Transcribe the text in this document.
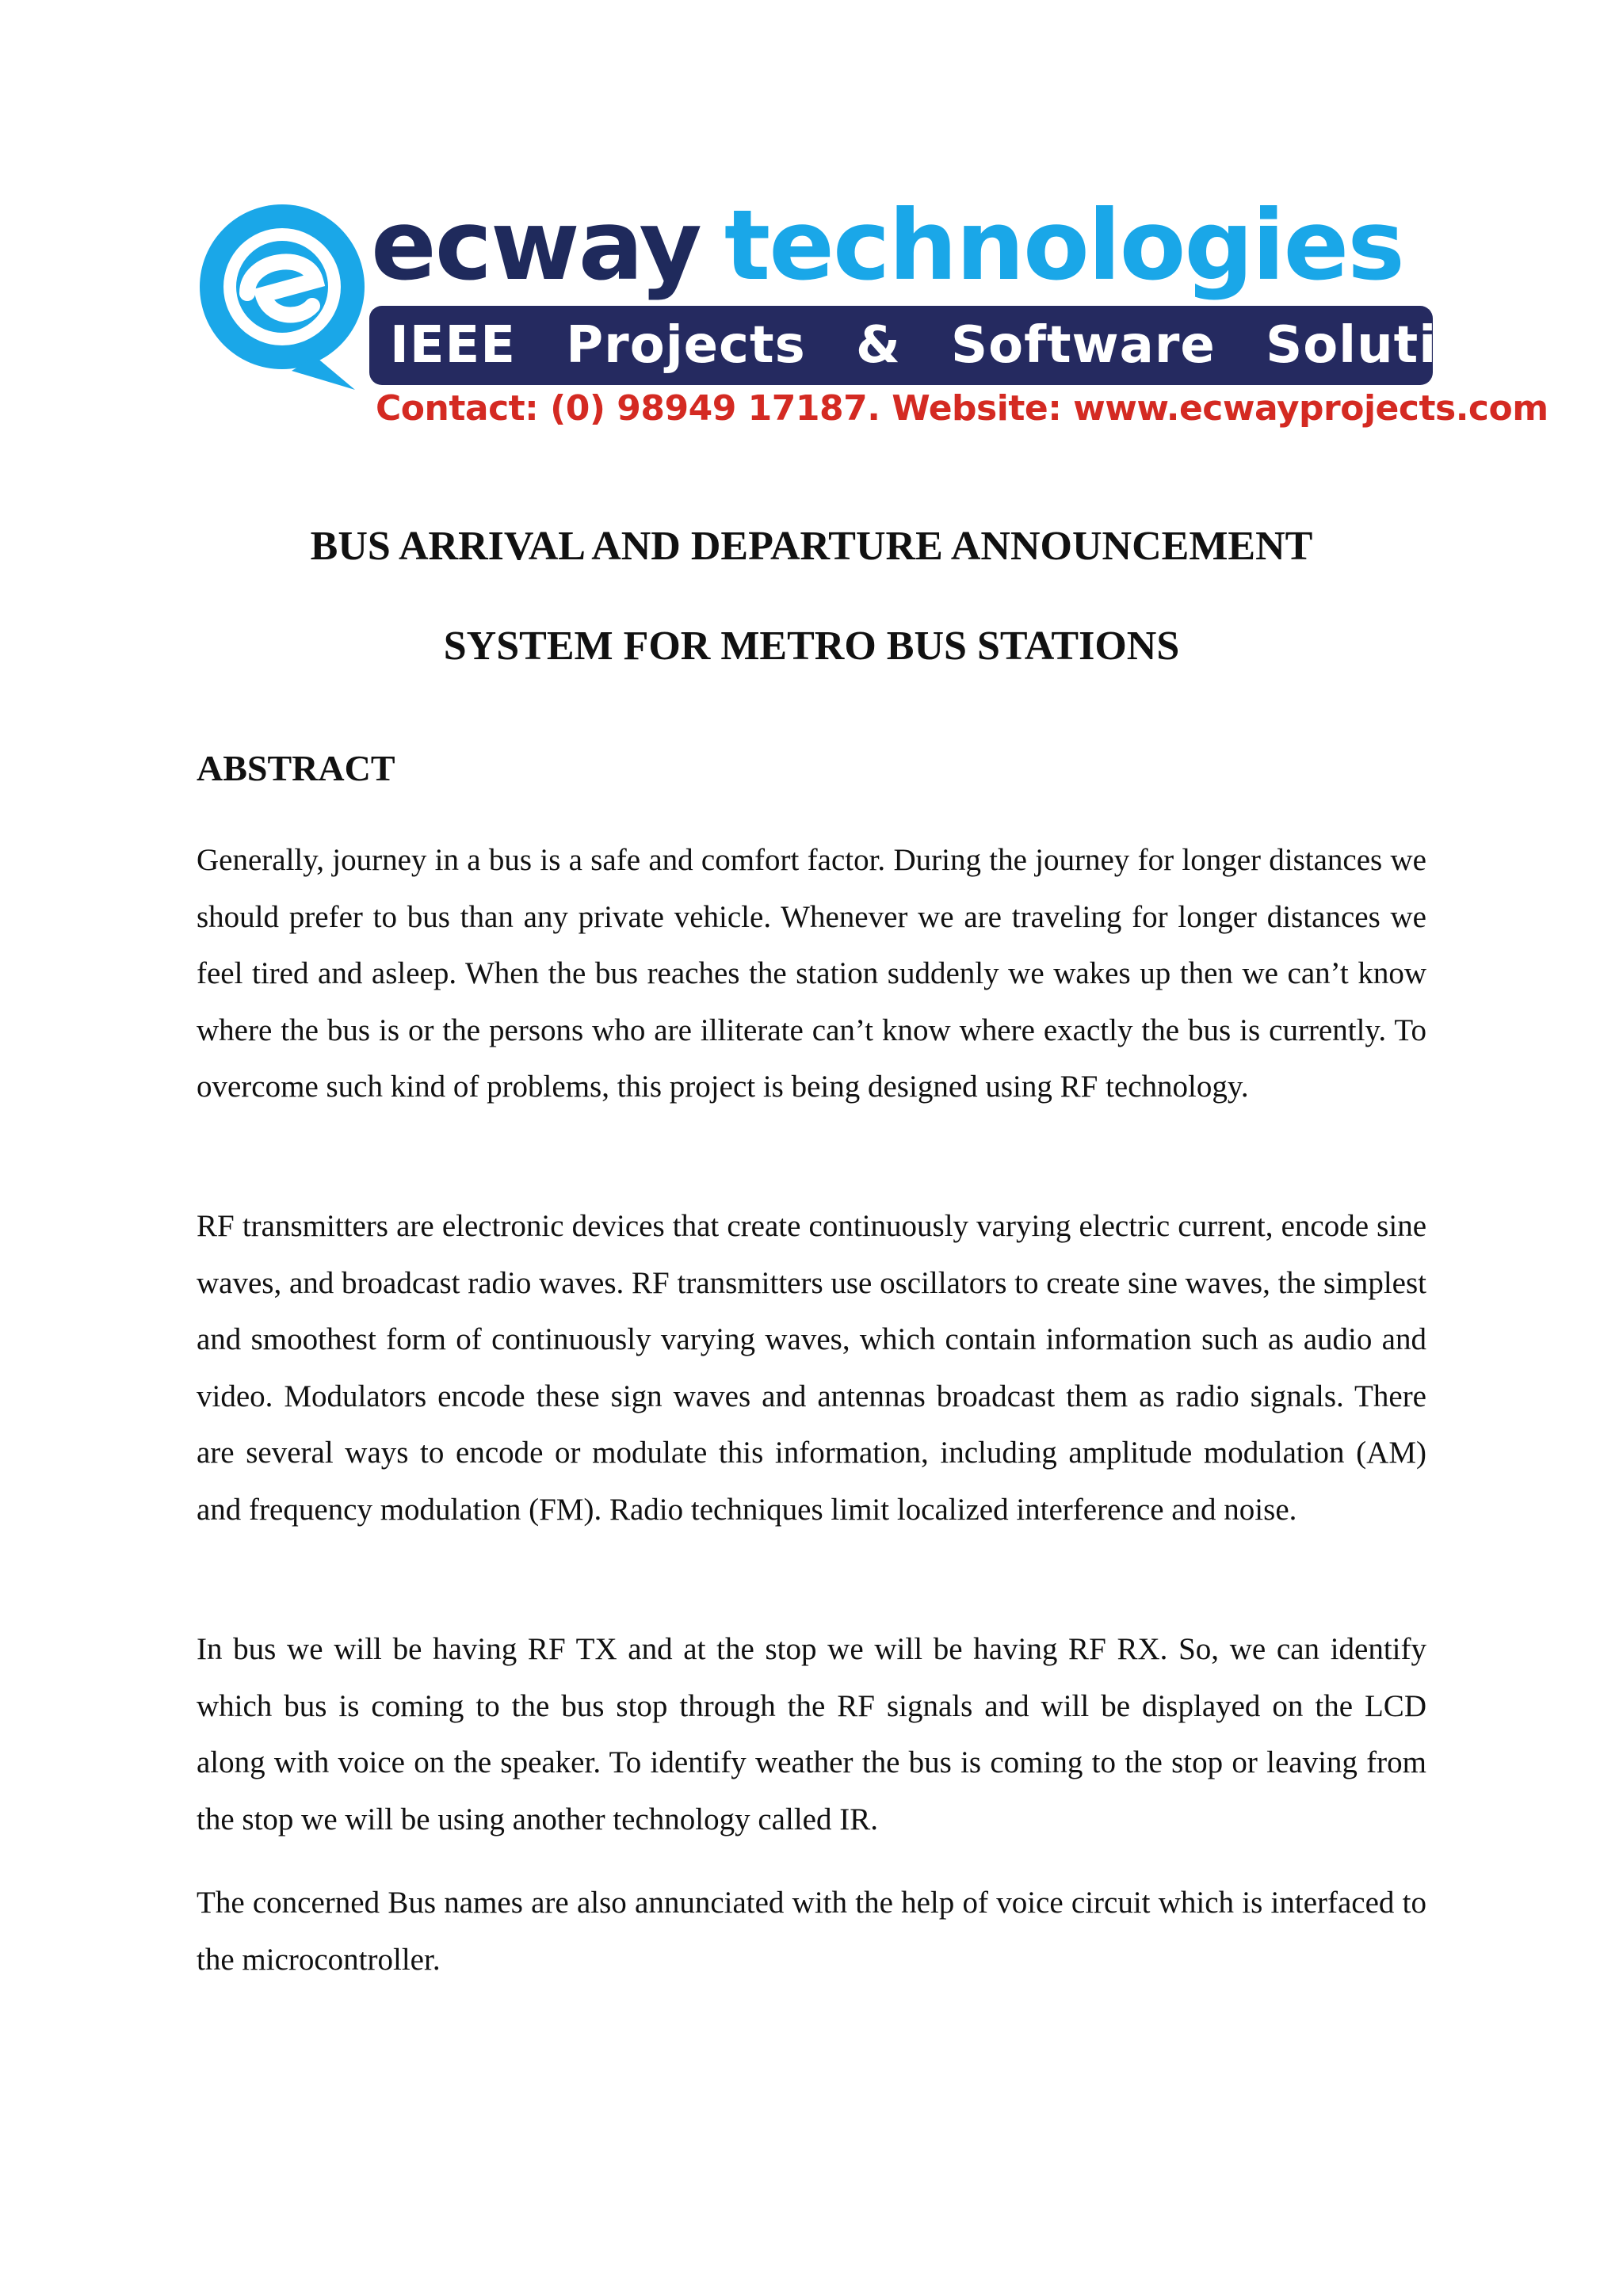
ecway technologies
IEEE Projects & Software Solutions
Contact: (0) 98949 17187. Website: www.ecwayprojects.com
BUS ARRIVAL AND DEPARTURE ANNOUNCEMENT
SYSTEM FOR METRO BUS STATIONS
ABSTRACT

Generally, journey in a bus is a safe and comfort factor. During the journey for longer distances we should prefer to bus than any private vehicle. Whenever we are traveling for longer distances we feel tired and asleep. When the bus reaches the station suddenly we wakes up then we can’t know where the bus is or the persons who are illiterate can’t know where exactly the bus is currently. To overcome such kind of problems, this project is being designed using RF technology.

RF transmitters are electronic devices that create continuously varying electric current, encode sine waves, and broadcast radio waves. RF transmitters use oscillators to create sine waves, the simplest and smoothest form of continuously varying waves, which contain information such as audio and video. Modulators encode these sign waves and antennas broadcast them as radio signals. There are several ways to encode or modulate this information, including amplitude modulation (AM) and frequency modulation (FM). Radio techniques limit localized interference and noise.

In bus we will be having RF TX and at the stop we will be having RF RX. So, we can identify which bus is coming to the bus stop through the RF signals and will be displayed on the LCD along with voice on the speaker. To identify weather the bus is coming to the stop or leaving from the stop we will be using another technology called IR.

The concerned Bus names are also annunciated with the help of voice circuit which is interfaced to the microcontroller.
